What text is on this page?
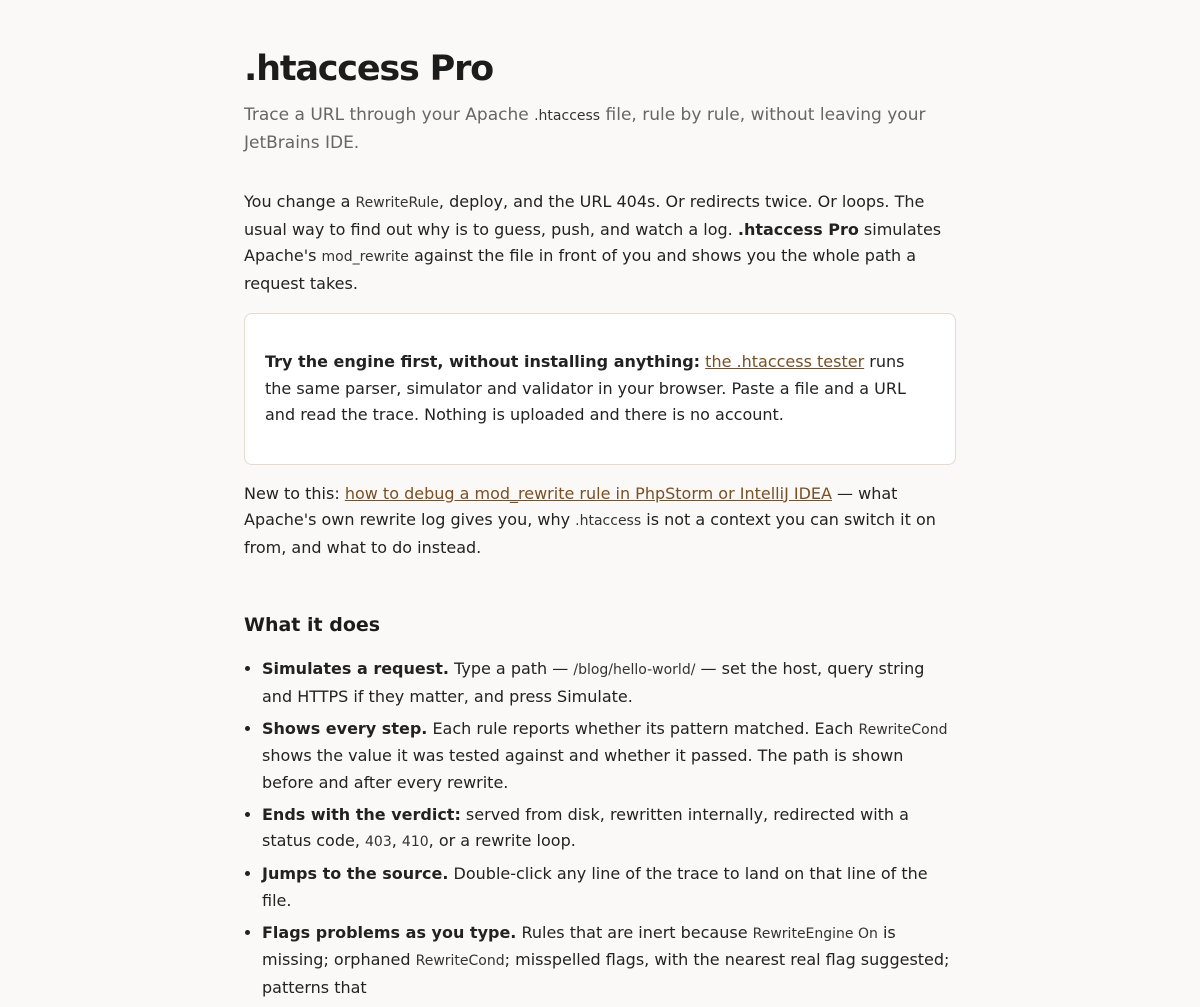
.htaccess Pro

Trace a URL through your Apache .htaccess file, rule by rule, without leaving your JetBrains IDE.

You change a RewriteRule, deploy, and the URL 404s. Or redirects twice. Or loops. The usual way to find out why is to guess, push, and watch a log. .htaccess Pro simulates Apache's mod_rewrite against the file in front of you and shows you the whole path a request takes.

Try the engine first, without installing anything: the .htaccess tester runs the same parser, simulator and validator in your browser. Paste a file and a URL and read the trace. Nothing is uploaded and there is no account.

New to this: how to debug a mod_rewrite rule in PhpStorm or IntelliJ IDEA — what Apache's own rewrite log gives you, why .htaccess is not a context you can switch it on from, and what to do instead.

What it does
• Simulates a request. Type a path — /blog/hello-world/ — set the host, query string and HTTPS if they matter, and press Simulate.
• Shows every step. Each rule reports whether its pattern matched. Each RewriteCond shows the value it was tested against and whether it passed. The path is shown before and after every rewrite.
• Ends with the verdict: served from disk, rewritten internally, redirected with a status code, 403, 410, or a rewrite loop.
• Jumps to the source. Double-click any line of the trace to land on that line of the file.
• Flags problems as you type. Rules that are inert because RewriteEngine On is missing; orphaned RewriteCond; misspelled flags, with the nearest real flag suggested; patterns that
